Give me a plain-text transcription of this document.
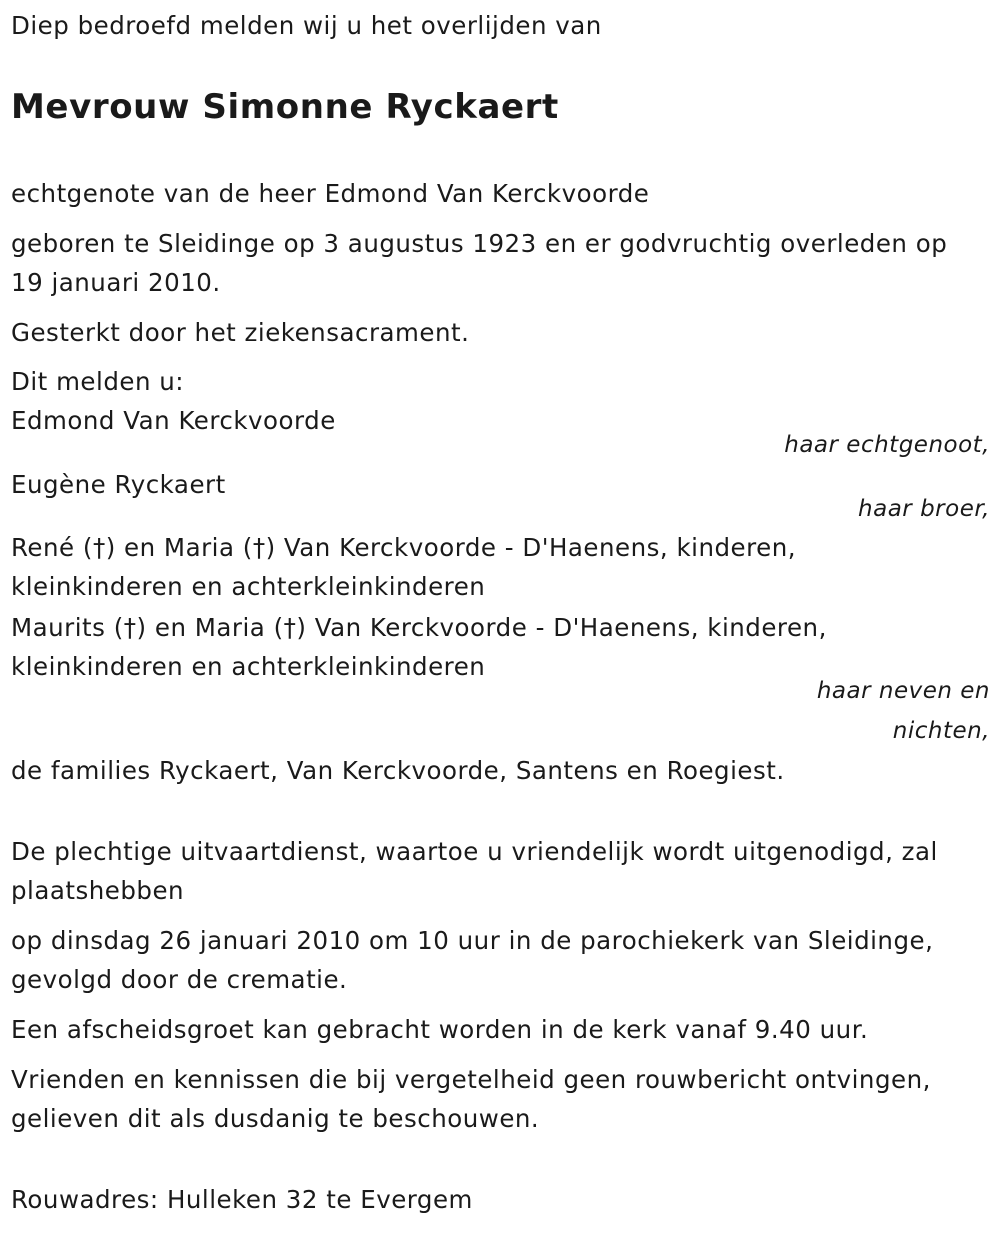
Diep bedroefd melden wij u het overlijden van
Mevrouw Simonne Ryckaert
echtgenote van de heer Edmond Van Kerckvoorde
geboren te Sleidinge op 3 augustus 1923 en er godvruchtig overleden op
19 januari 2010.
Gesterkt door het ziekensacrament.
Dit melden u:
Edmond Van Kerckvoorde
haar echtgenoot,
Eugène Ryckaert
haar broer,
René (†) en Maria (†) Van Kerckvoorde - D'Haenens, kinderen,
kleinkinderen en achterkleinkinderen
Maurits (†) en Maria (†) Van Kerckvoorde - D'Haenens, kinderen,
kleinkinderen en achterkleinkinderen
haar neven en
nichten,
de families Ryckaert, Van Kerckvoorde, Santens en Roegiest.
De plechtige uitvaartdienst, waartoe u vriendelijk wordt uitgenodigd, zal
plaatshebben
op dinsdag 26 januari 2010 om 10 uur in de parochiekerk van Sleidinge,
gevolgd door de crematie.
Een afscheidsgroet kan gebracht worden in de kerk vanaf 9.40 uur.
Vrienden en kennissen die bij vergetelheid geen rouwbericht ontvingen,
gelieven dit als dusdanig te beschouwen.
Rouwadres: Hulleken 32 te Evergem
